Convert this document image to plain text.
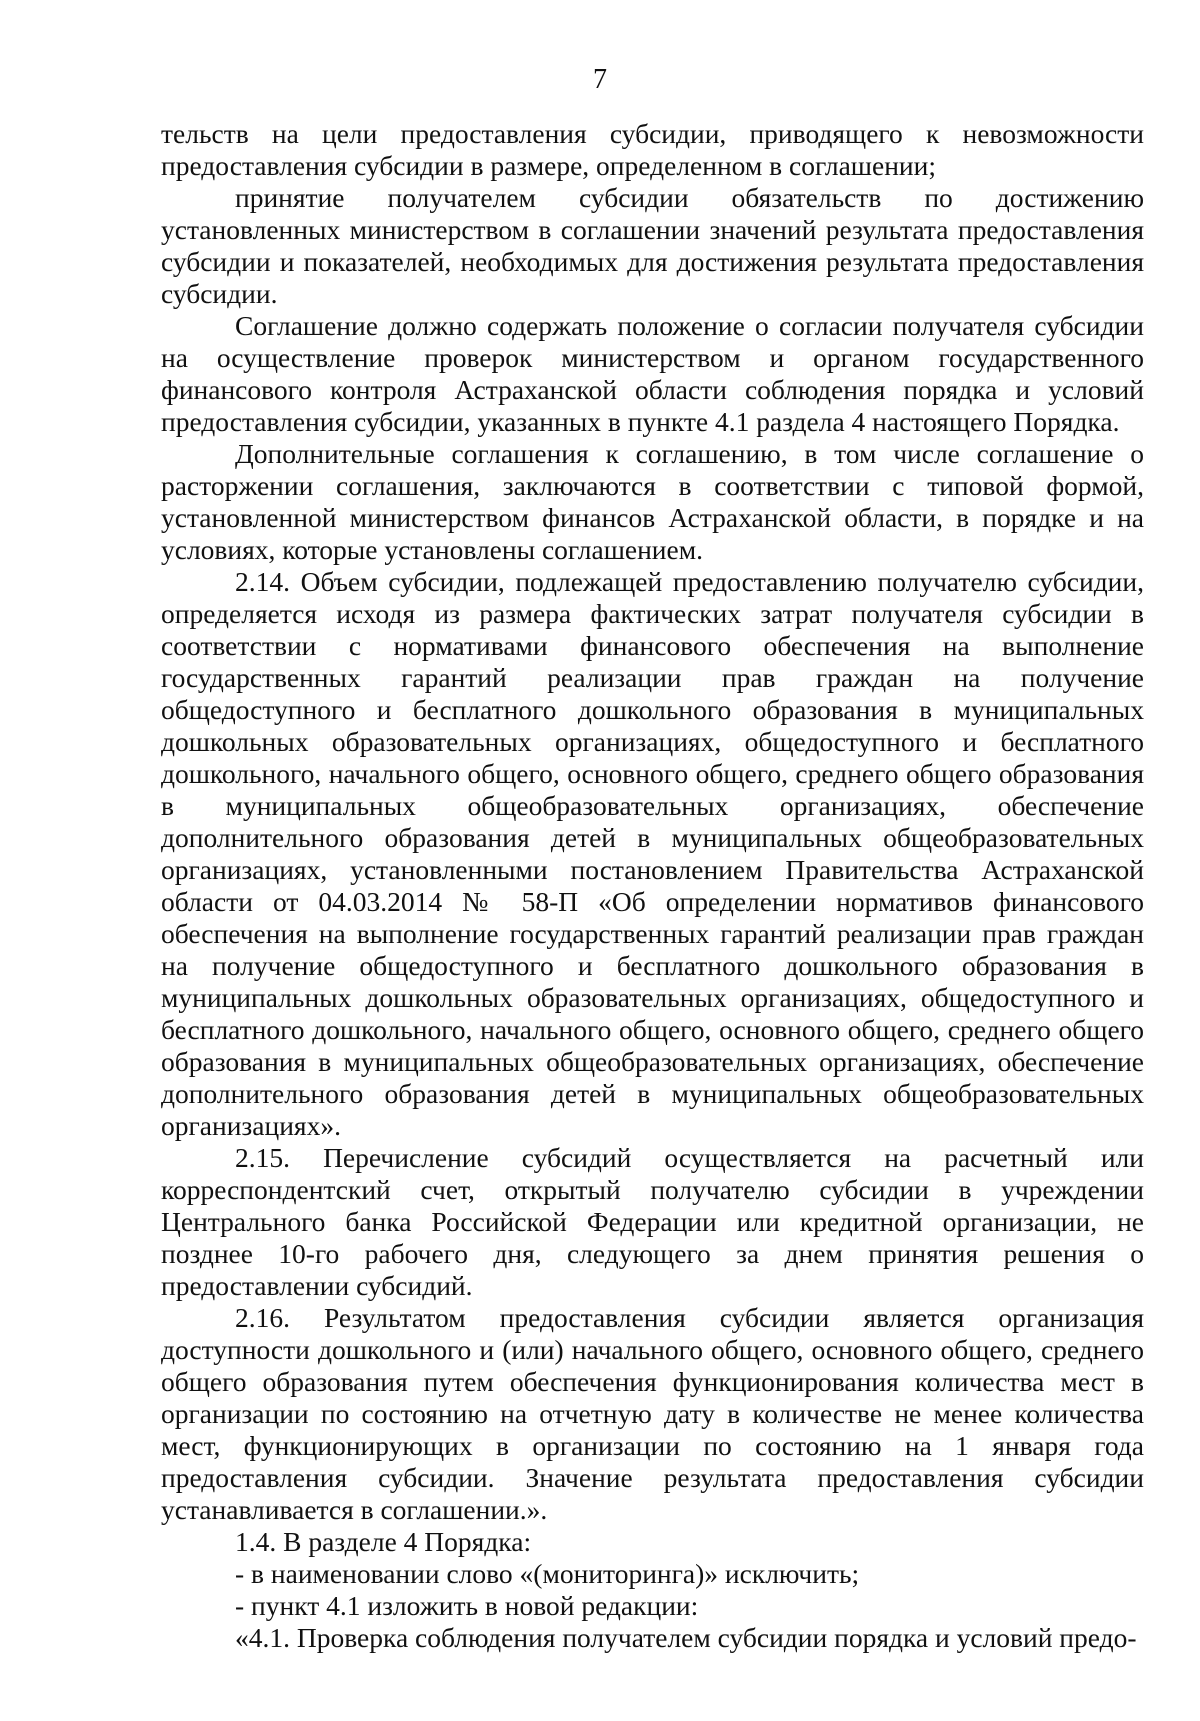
7

тельств на цели предоставления субсидии, приводящего к невозможности предоставления субсидии в размере, определенном в соглашении;

принятие получателем субсидии обязательств по достижению установленных министерством в соглашении значений результата предоставления субсидии и показателей, необходимых для достижения результата предоставления субсидии.

Соглашение должно содержать положение о согласии получателя субсидии на осуществление проверок министерством и органом государственного финансового контроля Астраханской области соблюдения порядка и условий предоставления субсидии, указанных в пункте 4.1 раздела 4 настоящего Порядка.

Дополнительные соглашения к соглашению, в том числе соглашение о расторжении соглашения, заключаются в соответствии с типовой формой, установленной министерством финансов Астраханской области, в порядке и на условиях, которые установлены соглашением.

2.14. Объем субсидии, подлежащей предоставлению получателю субсидии, определяется исходя из размера фактических затрат получателя субсидии в соответствии с нормативами финансового обеспечения на выполнение государственных гарантий реализации прав граждан на получение общедоступного и бесплатного дошкольного образования в муниципальных дошкольных образовательных организациях, общедоступного и бесплатного дошкольного, начального общего, основного общего, среднего общего образования в муниципальных общеобразовательных организациях, обеспечение дополнительного образования детей в муниципальных общеобразовательных организациях, установленными постановлением Правительства Астраханской области от 04.03.2014 № 58-П «Об определении нормативов финансового обеспечения на выполнение государственных гарантий реализации прав граждан на получение общедоступного и бесплатного дошкольного образования в муниципальных дошкольных образовательных организациях, общедоступного и бесплатного дошкольного, начального общего, основного общего, среднего общего образования в муниципальных общеобразовательных организациях, обеспечение дополнительного образования детей в муниципальных общеобразовательных организациях».

2.15. Перечисление субсидий осуществляется на расчетный или корреспондентский счет, открытый получателю субсидии в учреждении Центрального банка Российской Федерации или кредитной организации, не позднее 10-го рабочего дня, следующего за днем принятия решения о предоставлении субсидий.

2.16. Результатом предоставления субсидии является организация доступности дошкольного и (или) начального общего, основного общего, среднего общего образования путем обеспечения функционирования количества мест в организации по состоянию на отчетную дату в количестве не менее количества мест, функционирующих в организации по состоянию на 1 января года предоставления субсидии. Значение результата предоставления субсидии устанавливается в соглашении.».

1.4. В разделе 4 Порядка:

- в наименовании слово «(мониторинга)» исключить;

- пункт 4.1 изложить в новой редакции:

«4.1. Проверка соблюдения получателем субсидии порядка и условий предо-
